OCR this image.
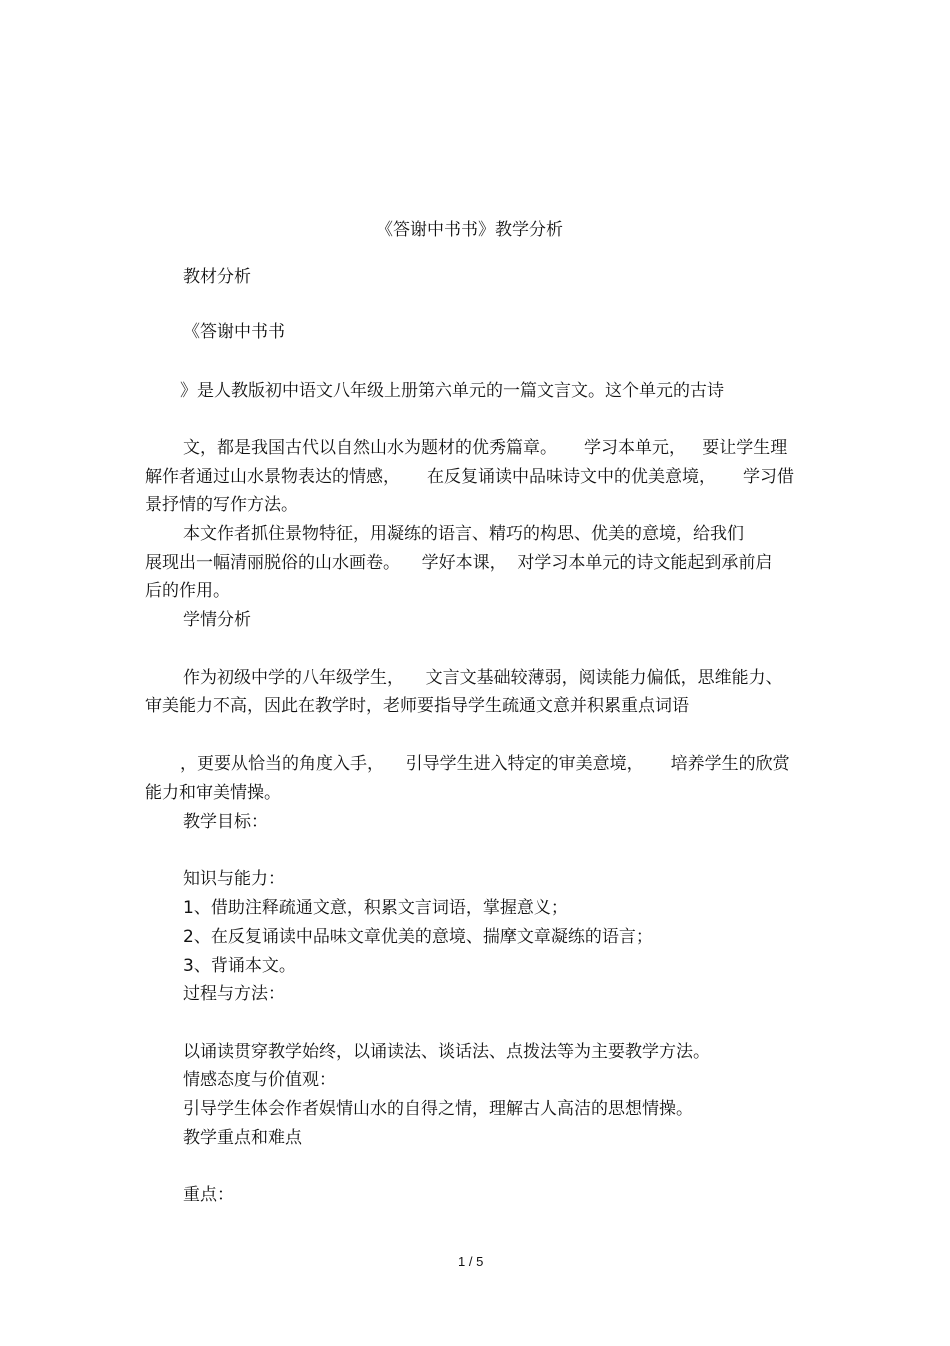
《答谢中书书》教学分析

教材分析

《答谢中书书

》是人教版初中语文八年级上册第六单元的一篇文言文。这个单元的古诗

文，都是我国古代以自然山水为题材的优秀篇章。     学习本单元，   要让学生理

解作者通过山水景物表达的情感，     在反复诵读中品味诗文中的优美意境，     学习借

景抒情的写作方法。

本文作者抓住景物特征，用凝练的语言、精巧的构思、优美的意境，给我们

展现出一幅清丽脱俗的山水画卷。    学好本课，  对学习本单元的诗文能起到承前启

后的作用。

学情分析

作为初级中学的八年级学生，    文言文基础较薄弱，阅读能力偏低，思维能力、

审美能力不高，因此在教学时，老师要指导学生疏通文意并积累重点词语

，更要从恰当的角度入手，    引导学生进入特定的审美意境，     培养学生的欣赏

能力和审美情操。

教学目标：

知识与能力：

1、借助注释疏通文意，积累文言词语，掌握意义；

2、在反复诵读中品味文章优美的意境、揣摩文章凝练的语言；

3、背诵本文。

过程与方法：

以诵读贯穿教学始终，以诵读法、谈话法、点拨法等为主要教学方法。

情感态度与价值观：

引导学生体会作者娱情山水的自得之情，理解古人高洁的思想情操。

教学重点和难点

重点：

1 / 5
